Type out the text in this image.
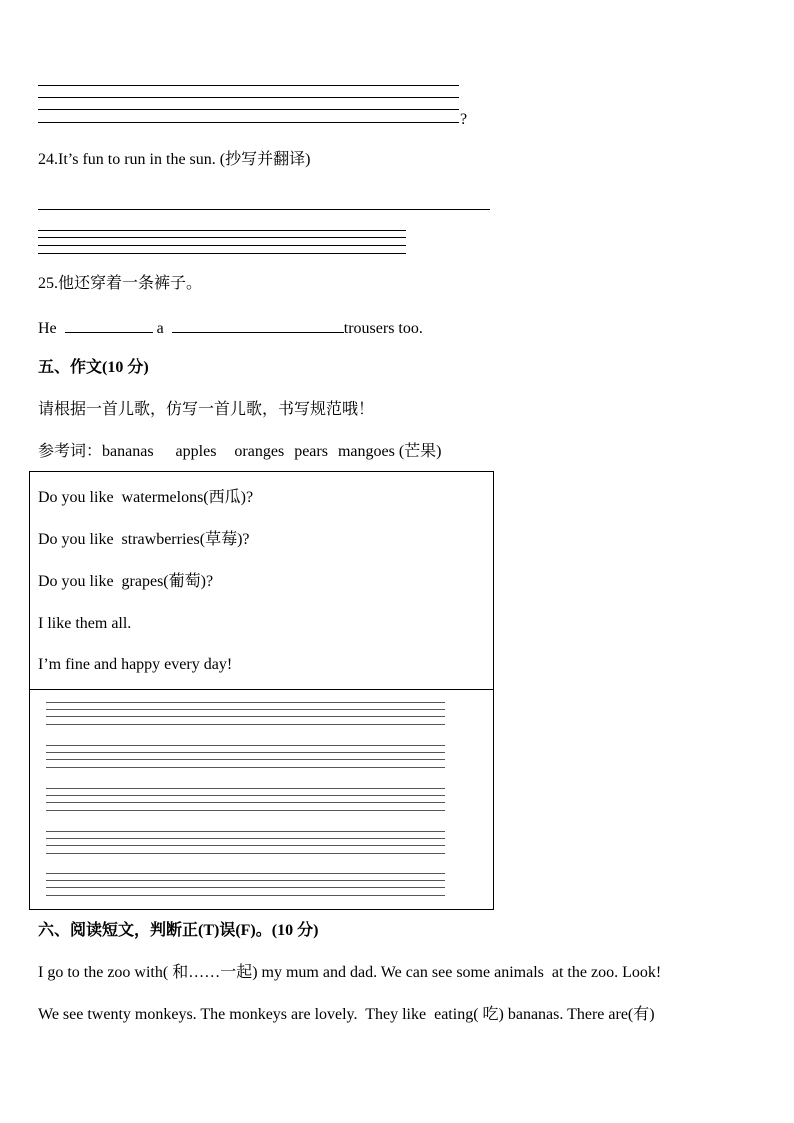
?
24.It’s fun to run in the sun. (抄写并翻译)
25.他还穿着一条裤子。
He	a	trousers too.
五、作文(10 分)
请根据一首儿歌，仿写一首儿歌，书写规范哦！
参考词：bananas apples oranges pears mangoes (芒果)
Do you like  watermelons(西瓜)?
Do you like  strawberries(草莓)?
Do you like  grapes(葡萄)?
I like them all.
I’m fine and happy every day!
六、阅读短文，判断正(T)误(F)。(10 分)
I go to the zoo with( 和……一起) my mum and dad. We can see some animals  at the zoo. Look!
We see twenty monkeys. The monkeys are lovely.  They like  eating( 吃) bananas. There are(有)
